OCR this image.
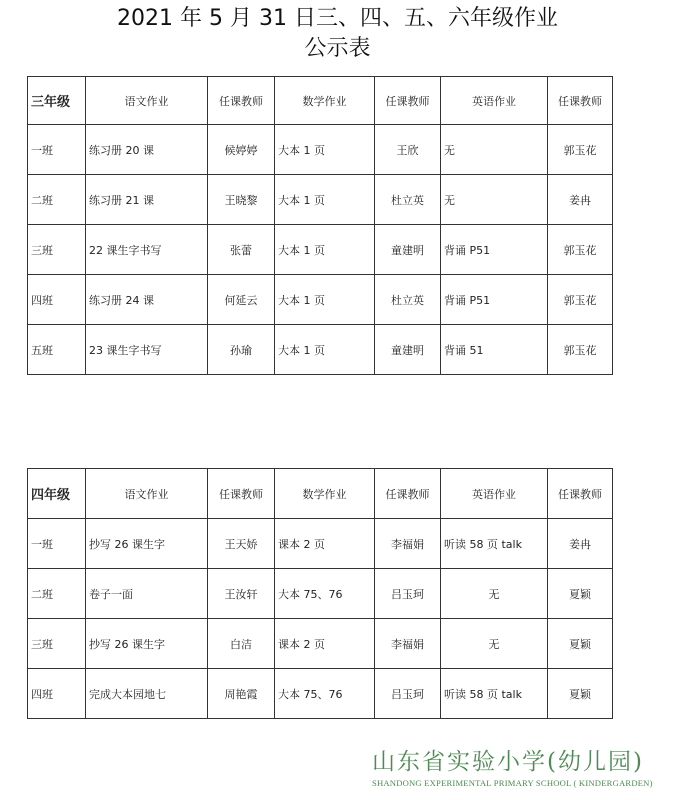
2021 年 5 月 31 日三、四、五、六年级作业
公示表
三年级	语文作业	任课教师	数学作业	任课教师	英语作业	任课教师
一班	练习册 20 课	候婷婷	大本 1 页	王欣	无	郭玉花
二班	练习册 21 课	王晓黎	大本 1 页	杜立英	无	姜冉
三班	22 课生字书写	张蕾	大本 1 页	童建明	背诵 P51	郭玉花
四班	练习册 24 课	何延云	大本 1 页	杜立英	背诵 P51	郭玉花
五班	23 课生字书写	孙瑜	大本 1 页	童建明	背诵 51	郭玉花
四年级	语文作业	任课教师	数学作业	任课教师	英语作业	任课教师
一班	抄写 26 课生字	王天娇	课本 2 页	李福娟	听读 58 页 talk	姜冉
二班	卷子一面	王汝轩	大本 75、76	吕玉珂	无	夏颖
三班	抄写 26 课生字	白洁	课本 2 页	李福娟	无	夏颖
四班	完成大本园地七	周艳霞	大本 75、76	吕玉珂	听读 58 页 talk	夏颖
山东省实验小学(幼儿园)
SHANDONG EXPERIMENTAL PRIMARY SCHOOL ( KINDERGARDEN)
